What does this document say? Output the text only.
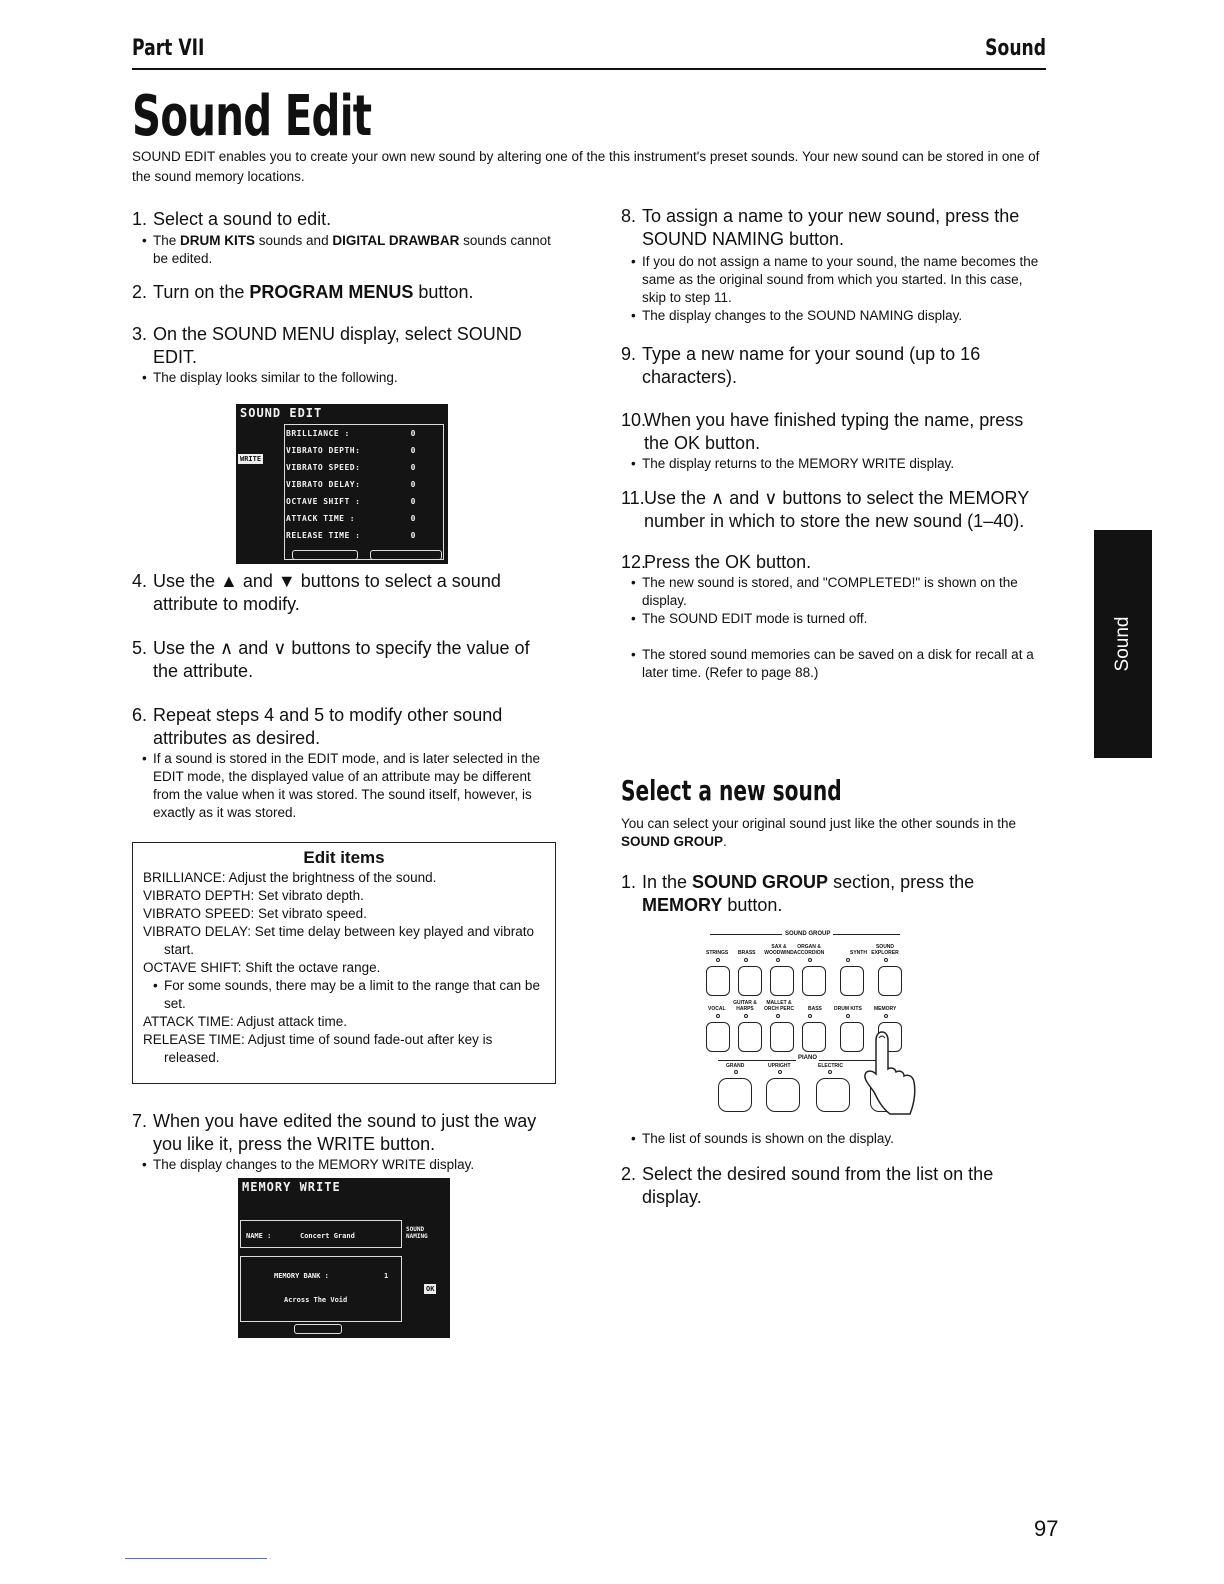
Part VII	Sound
Sound Edit
SOUND EDIT enables you to create your own new sound by altering one of the this instrument's preset sounds. Your new sound can be stored in one of the sound memory locations.
1. Select a sound to edit.
• The DRUM KITS sounds and DIGITAL DRAWBAR sounds cannot be edited.
2. Turn on the PROGRAM MENUS button.
3. On the SOUND MENU display, select SOUND EDIT.
• The display looks similar to the following.
SOUND EDIT
WRITE
BRILLIANCE :	0
VIBRATO DEPTH:	0
VIBRATO SPEED:	0
VIBRATO DELAY:	0
OCTAVE SHIFT :	0
ATTACK TIME :	0
RELEASE TIME :	0
4. Use the ▲ and ▼ buttons to select a sound attribute to modify.
5. Use the ∧ and ∨ buttons to specify the value of the attribute.
6. Repeat steps 4 and 5 to modify other sound attributes as desired.
• If a sound is stored in the EDIT mode, and is later selected in the EDIT mode, the displayed value of an attribute may be different from the value when it was stored. The sound itself, however, is exactly as it was stored.
Edit items
BRILLIANCE: Adjust the brightness of the sound.
VIBRATO DEPTH: Set vibrato depth.
VIBRATO SPEED: Set vibrato speed.
VIBRATO DELAY: Set time delay between key played and vibrato start.
OCTAVE SHIFT: Shift the octave range.
• For some sounds, there may be a limit to the range that can be set.
ATTACK TIME: Adjust attack time.
RELEASE TIME: Adjust time of sound fade-out after key is released.
7. When you have edited the sound to just the way you like it, press the WRITE button.
• The display changes to the MEMORY WRITE display.
MEMORY WRITE
NAME :	Concert Grand
SOUND NAMING
MEMORY BANK :	1
Across The Void
OK
8. To assign a name to your new sound, press the SOUND NAMING button.
• If you do not assign a name to your sound, the name becomes the same as the original sound from which you started. In this case, skip to step 11.
• The display changes to the SOUND NAMING display.
9. Type a new name for your sound (up to 16 characters).
10.
When you have finished typing the name, press the OK button.
• The display returns to the MEMORY WRITE display.
11. Use the ∧ and ∨ buttons to select the MEMORY number in which to store the new sound (1–40).
12.
Press the OK button.
• The new sound is stored, and "COMPLETED!" is shown on the display.
• The SOUND EDIT mode is turned off.
• The stored sound memories can be saved on a disk for recall at a later time. (Refer to page 88.)
Select a new sound
You can select your original sound just like the other sounds in the SOUND GROUP.
1. In the SOUND GROUP section, press the MEMORY button.
SOUND GROUP
STRINGS BRASS
SAX & WOODWIND
ORGAN & ACCORDION	SYNTH
SOUND EXPLORER
VOCAL
GUITAR & HARPS
MALLET & ORCH PERC	BASS DRUM KITS MEMORY
PIANO
GRAND	UPRIGHT	ELECTRIC
• The list of sounds is shown on the display.
2. Select the desired sound from the list on the display.
Sound
97
